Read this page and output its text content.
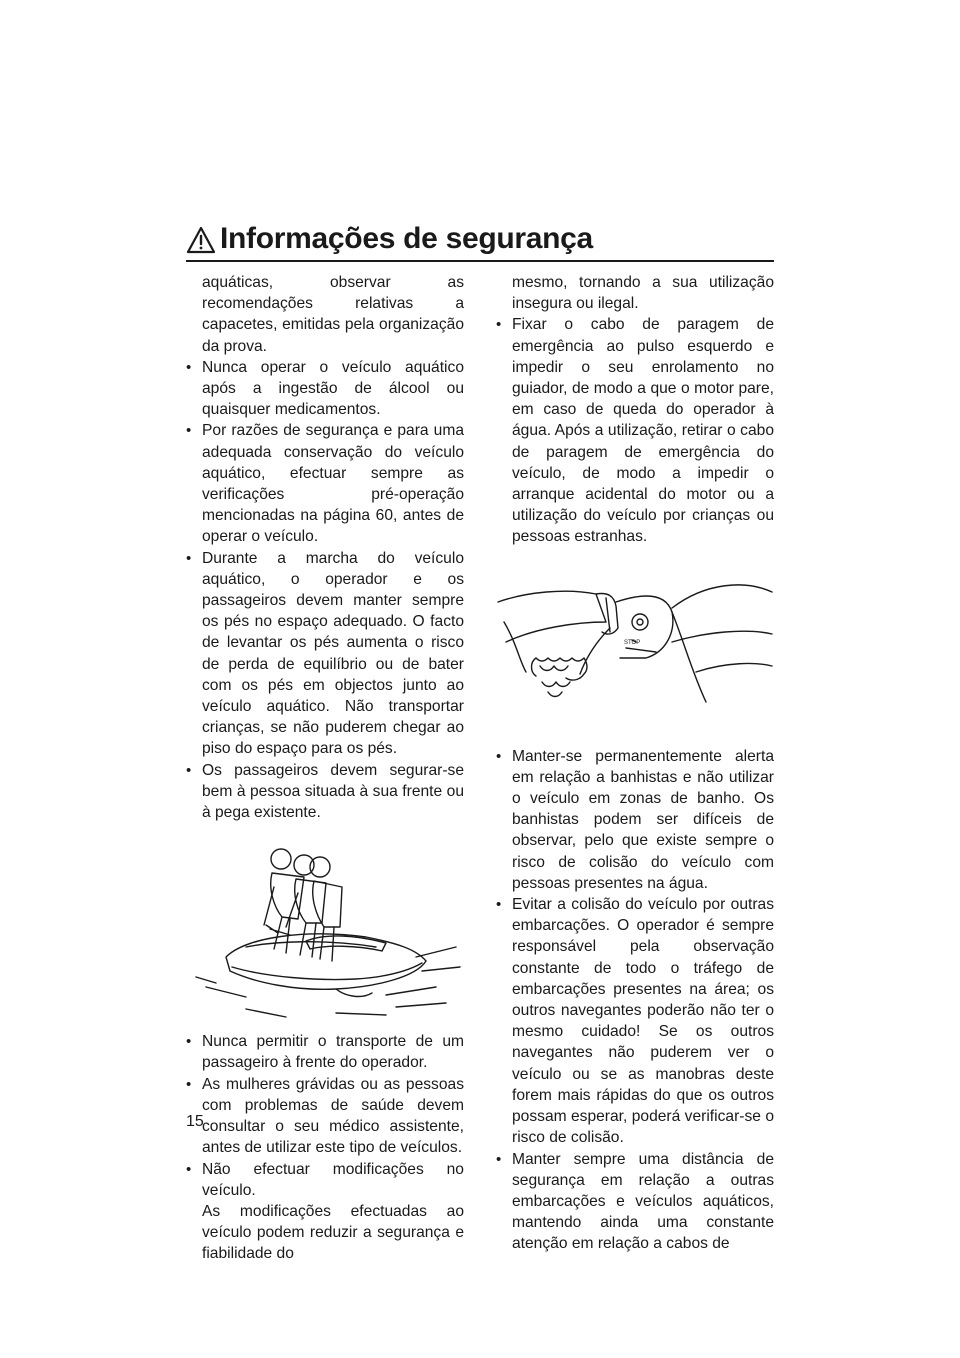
Informações de segurança

aquáticas, observar as recomendações relativas a capacetes, emitidas pela organização da prova.

• Nunca operar o veículo aquático após a ingestão de álcool ou quaisquer medicamentos.

• Por razões de segurança e para uma adequada conservação do veículo aquático, efectuar sempre as verificações pré-operação mencionadas na página 60, antes de operar o veículo.

• Durante a marcha do veículo aquático, o operador e os passageiros devem manter sempre os pés no espaço adequado. O facto de levantar os pés aumenta o risco de perda de equilíbrio ou de bater com os pés em objectos junto ao veículo aquático. Não transportar crianças, se não puderem chegar ao piso do espaço para os pés.

• Os passageiros devem segurar-se bem à pessoa situada à sua frente ou à pega existente.

• Nunca permitir o transporte de um passageiro à frente do operador.

• As mulheres grávidas ou as pessoas com problemas de saúde devem consultar o seu médico assistente, antes de utilizar este tipo de veículos.

• Não efectuar modificações no veículo.

As modificações efectuadas ao veículo podem reduzir a segurança e fiabilidade do

mesmo, tornando a sua utilização insegura ou ilegal.

• Fixar o cabo de paragem de emergência ao pulso esquerdo e impedir o seu enrolamento no guiador, de modo a que o motor pare, em caso de queda do operador à água. Após a utilização, retirar o cabo de paragem de emergência do veículo, de modo a impedir o arranque acidental do motor ou a utilização do veículo por crianças ou pessoas estranhas.

STOP

• Manter-se permanentemente alerta em relação a banhistas e não utilizar o veículo em zonas de banho. Os banhistas podem ser difíceis de observar, pelo que existe sempre o risco de colisão do veículo com pessoas presentes na água.

• Evitar a colisão do veículo por outras embarcações. O operador é sempre responsável pela observação constante de todo o tráfego de embarcações presentes na área; os outros navegantes poderão não ter o mesmo cuidado! Se os outros navegantes não puderem ver o veículo ou se as manobras deste forem mais rápidas do que os outros possam esperar, poderá verificar-se o risco de colisão.

• Manter sempre uma distância de segurança em relação a outras embarcações e veículos aquáticos, mantendo ainda uma constante atenção em relação a cabos de

15
